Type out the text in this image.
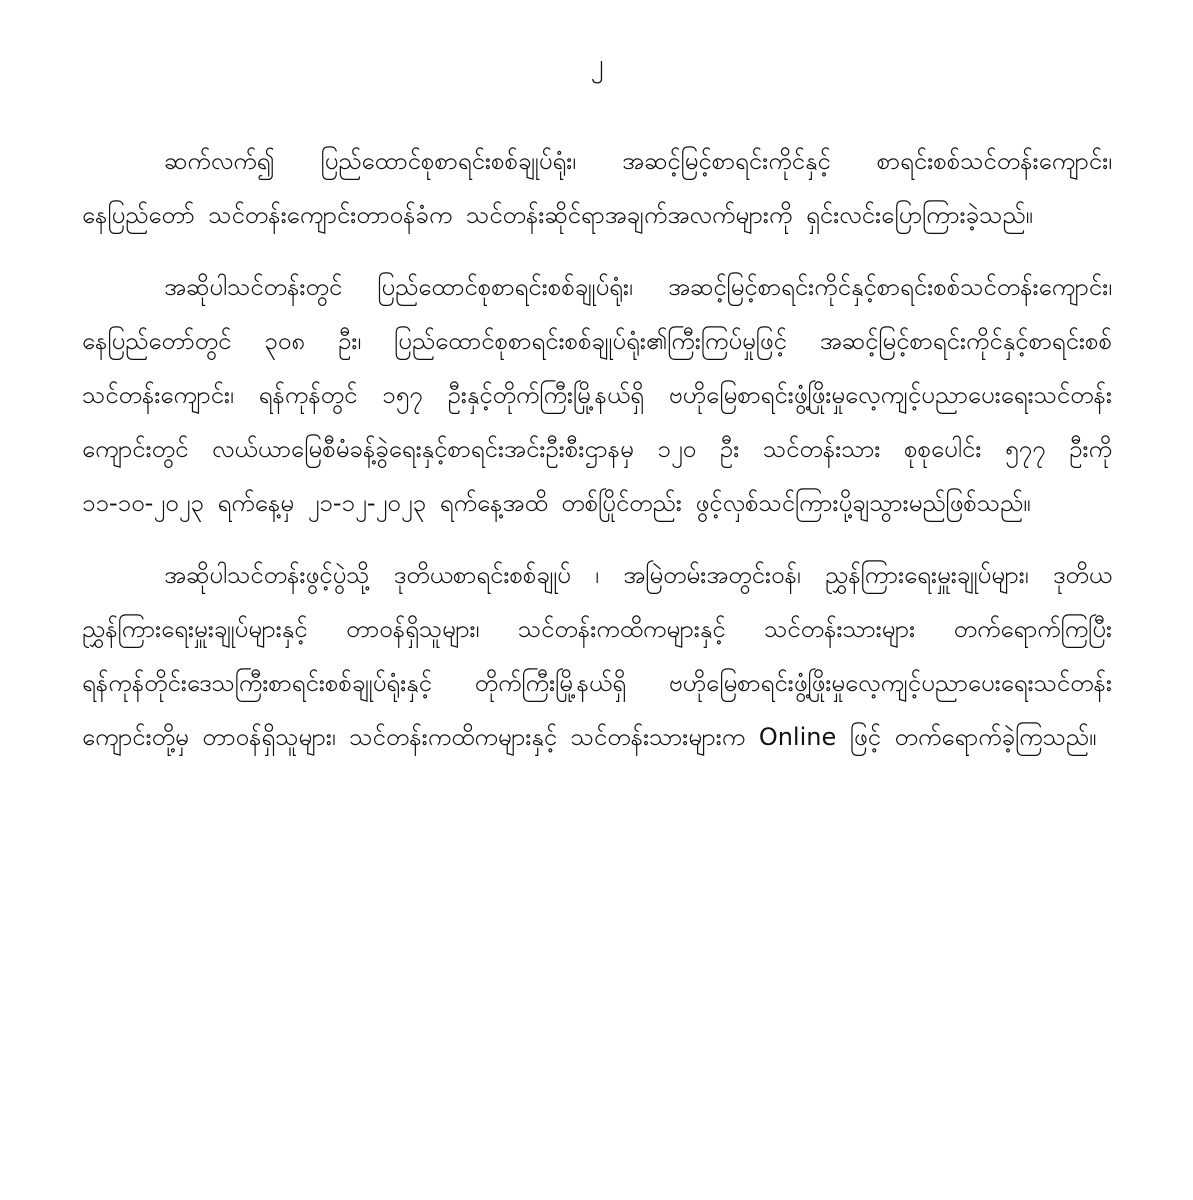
၂

ဆက်လက်၍ ပြည်ထောင်စုစာရင်းစစ်ချုပ်ရုံး၊ အဆင့်မြင့်စာရင်းကိုင်နှင့် စာရင်းစစ်သင်တန်းကျောင်း၊ နေပြည်တော် သင်တန်းကျောင်းတာဝန်ခံက သင်တန်းဆိုင်ရာအချက်အလက်များကို ရှင်းလင်းပြောကြားခဲ့သည်။

အဆိုပါသင်တန်းတွင် ပြည်ထောင်စုစာရင်းစစ်ချုပ်ရုံး၊ အဆင့်မြင့်စာရင်းကိုင်နှင့်စာရင်းစစ်သင်တန်းကျောင်း၊ နေပြည်တော်တွင် ၃၀၈ ဦး၊ ပြည်ထောင်စုစာရင်းစစ်ချုပ်ရုံး၏ကြီးကြပ်မှုဖြင့် အဆင့်မြင့်စာရင်းကိုင်နှင့်စာရင်းစစ်သင်တန်းကျောင်း၊ ရန်ကုန်တွင် ၁၅၇ ဦးနှင့်တိုက်ကြီးမြို့နယ်ရှိ ဗဟိုမြေစာရင်းဖွံ့ဖြိုးမှုလေ့ကျင့်ပညာပေးရေးသင်တန်းကျောင်းတွင် လယ်ယာမြေစီမံခန့်ခွဲရေးနှင့်စာရင်းအင်းဦးစီးဌာနမှ ၁၂၀ ဦး သင်တန်းသား စုစုပေါင်း ၅၇၇ ဦးကို ၁၁-၁၀-၂၀၂၃ ရက်နေ့မှ ၂၁-၁၂-၂၀၂၃ ရက်နေ့အထိ တစ်ပြိုင်တည်း ဖွင့်လှစ်သင်ကြားပို့ချသွားမည်ဖြစ်သည်။

အဆိုပါသင်တန်းဖွင့်ပွဲသို့ ဒုတိယစာရင်းစစ်ချုပ် ၊ အမြဲတမ်းအတွင်းဝန်၊ ညွှန်ကြားရေးမှူးချုပ်များ၊ ဒုတိယညွှန်ကြားရေးမှူးချုပ်များနှင့် တာဝန်ရှိသူများ၊ သင်တန်းကထိကများနှင့် သင်တန်းသားများ တက်ရောက်ကြပြီး ရန်ကုန်တိုင်းဒေသကြီးစာရင်းစစ်ချုပ်ရုံးနှင့် တိုက်ကြီးမြို့နယ်ရှိ ဗဟိုမြေစာရင်းဖွံ့ဖြိုးမှုလေ့ကျင့်ပညာပေးရေးသင်တန်းကျောင်းတို့မှ တာဝန်ရှိသူများ၊ သင်တန်းကထိကများနှင့် သင်တန်းသားများက Online ဖြင့် တက်ရောက်ခဲ့ကြသည်။
